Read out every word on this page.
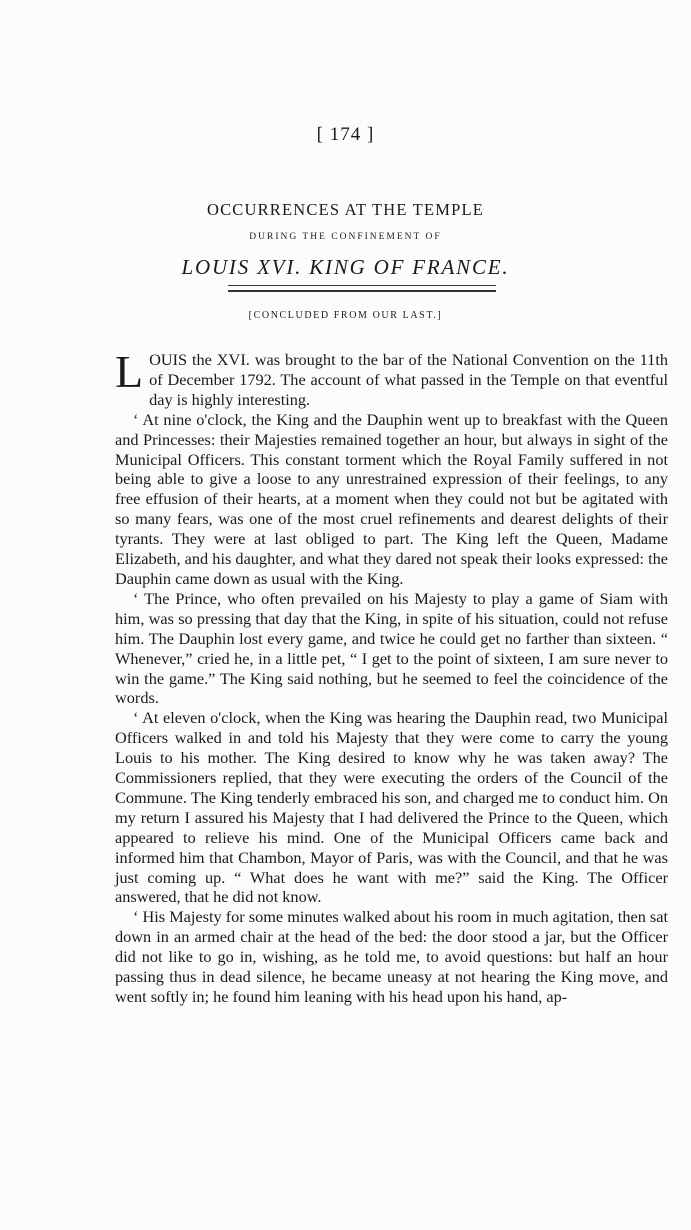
[ 174 ]
OCCURRENCES AT THE TEMPLE
DURING THE CONFINEMENT OF
LOUIS XVI. KING OF FRANCE.
[CONCLUDED FROM OUR LAST.]

LOUIS the XVI. was brought to the bar of the National Convention on the 11th of December 1792. The account of what passed in the Temple on that eventful day is highly interesting.

‘ At nine o'clock, the King and the Dauphin went up to breakfast with the Queen and Princesses: their Majesties remained together an hour, but always in sight of the Municipal Officers. This constant torment which the Royal Family suffered in not being able to give a loose to any unrestrained expression of their feelings, to any free effusion of their hearts, at a moment when they could not but be agitated with so many fears, was one of the most cruel refinements and dearest delights of their tyrants. They were at last obliged to part. The King left the Queen, Madame Elizabeth, and his daughter, and what they dared not speak their looks expressed: the Dauphin came down as usual with the King.

‘ The Prince, who often prevailed on his Majesty to play a game of Siam with him, was so pressing that day that the King, in spite of his situation, could not refuse him. The Dauphin lost every game, and twice he could get no farther than sixteen. “ Whenever,” cried he, in a little pet, “ I get to the point of sixteen, I am sure never to win the game.” The King said nothing, but he seemed to feel the coincidence of the words.

‘ At eleven o'clock, when the King was hearing the Dauphin read, two Municipal Officers walked in and told his Majesty that they were come to carry the young Louis to his mother. The King desired to know why he was taken away? The Commissioners replied, that they were executing the orders of the Council of the Commune. The King tenderly embraced his son, and charged me to conduct him. On my return I assured his Majesty that I had delivered the Prince to the Queen, which appeared to relieve his mind. One of the Municipal Officers came back and informed him that Chambon, Mayor of Paris, was with the Council, and that he was just coming up. “ What does he want with me?” said the King. The Officer answered, that he did not know.

‘ His Majesty for some minutes walked about his room in much agitation, then sat down in an armed chair at the head of the bed: the door stood a jar, but the Officer did not like to go in, wishing, as he told me, to avoid questions: but half an hour passing thus in dead silence, he became uneasy at not hearing the King move, and went softly in; he found him leaning with his head upon his hand, ap-
